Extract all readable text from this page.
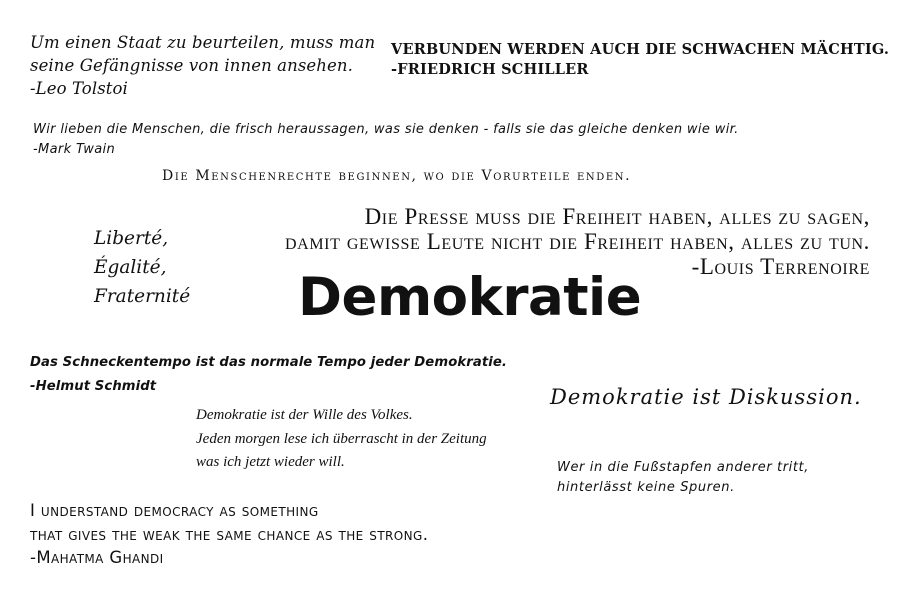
Um einen Staat zu beurteilen, muss man
seine Gefängnisse von innen ansehen.
-Leo Tolstoi
VERBUNDEN WERDEN AUCH DIE SCHWACHEN MÄCHTIG.
-FRIEDRICH SCHILLER
Wir lieben die Menschen, die frisch heraussagen, was sie denken - falls sie das gleiche denken wie wir.
-Mark Twain
Die Menschenrechte beginnen, wo die Vorurteile enden.
Die Presse muss die Freiheit haben, alles zu sagen,
damit gewisse Leute nicht die Freiheit haben, alles zu tun.
-Louis Terrenoire
Liberté,
Égalité,
Fraternité Demokratie
Das Schneckentempo ist das normale Tempo jeder Demokratie.
-Helmut Schmidt	Demokratie ist Diskussion.
Demokratie ist der Wille des Volkes.
Jeden morgen lese ich überrascht in der Zeitung
was ich jetzt wieder will.	Wer in die Fußstapfen anderer tritt,
hinterlässt keine Spuren.
I understand democracy as something
that gives the weak the same chance as the strong.
-Mahatma Ghandi
